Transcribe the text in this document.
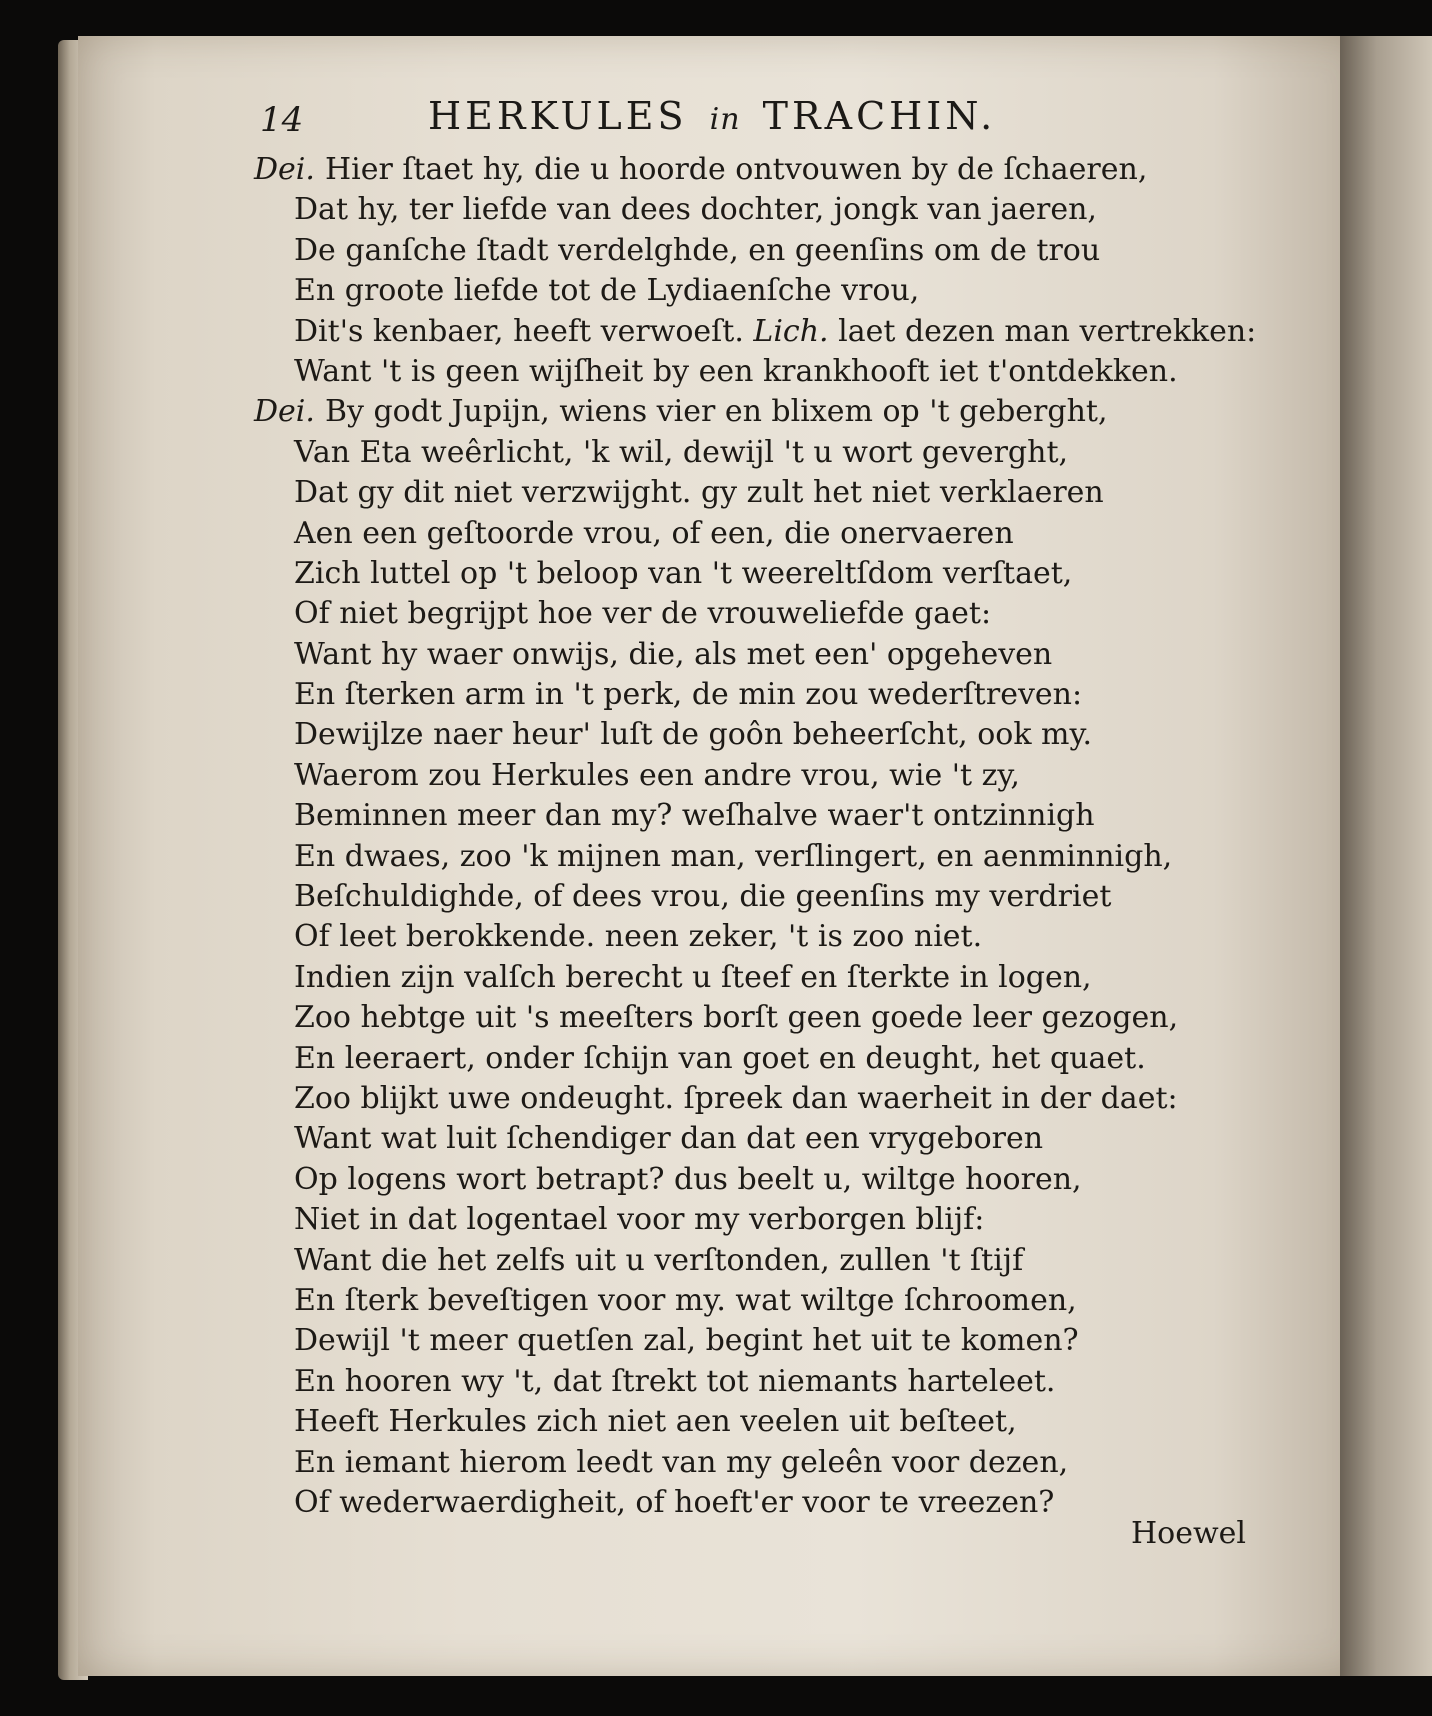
14	HERKULES in TRACHIN.
Dei. Hier ſtaet hy, die u hoorde ontvouwen by de ſchaeren,
Dat hy, ter liefde van dees dochter, jongk van jaeren,
De ganſche ſtadt verdelghde, en geenſins om de trou
En groote liefde tot de Lydiaenſche vrou,
Dit's kenbaer, heeft verwoeſt. Lich. laet dezen man vertrekken:
Want 't is geen wijſheit by een krankhooft iet t'ontdekken.
Dei. By godt Jupijn, wiens vier en blixem op 't geberght,
Van Eta weêrlicht, 'k wil, dewijl 't u wort geverght,
Dat gy dit niet verzwijght. gy zult het niet verklaeren
Aen een geſtoorde vrou, of een, die onervaeren
Zich luttel op 't beloop van 't weereltſdom verſtaet,
Of niet begrijpt hoe ver de vrouweliefde gaet:
Want hy waer onwijs, die, als met een' opgeheven
En ſterken arm in 't perk, de min zou wederſtreven:
Dewijlze naer heur' luſt de goôn beheerſcht, ook my.
Waerom zou Herkules een andre vrou, wie 't zy,
Beminnen meer dan my? weſhalve waer't ontzinnigh
En dwaes, zoo 'k mijnen man, verſlingert, en aenminnigh,
Beſchuldighde, of dees vrou, die geenſins my verdriet
Of leet berokkende. neen zeker, 't is zoo niet.
Indien zijn valſch berecht u ſteef en ſterkte in logen,
Zoo hebtge uit 's meeſters borſt geen goede leer gezogen,
En leeraert, onder ſchijn van goet en deught, het quaet.
Zoo blijkt uwe ondeught. ſpreek dan waerheit in der daet:
Want wat luit ſchendiger dan dat een vrygeboren
Op logens wort betrapt? dus beelt u, wiltge hooren,
Niet in dat logentael voor my verborgen blijf:
Want die het zelfs uit u verſtonden, zullen 't ſtijf
En ſterk beveſtigen voor my. wat wiltge ſchroomen,
Dewijl 't meer quetſen zal, begint het uit te komen?
En hooren wy 't, dat ſtrekt tot niemants harteleet.
Heeft Herkules zich niet aen veelen uit beſteet,
En iemant hierom leedt van my geleên voor dezen,
Of wederwaerdigheit, of hoeft'er voor te vreezen?
Hoewel
